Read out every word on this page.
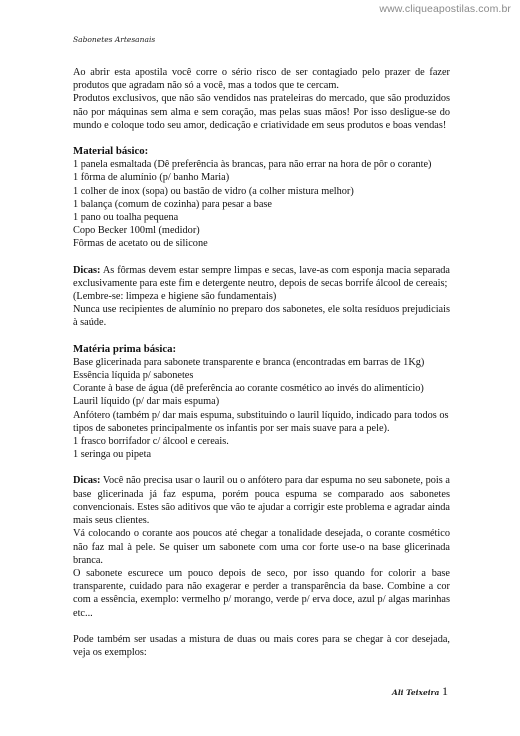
www.cliqueapostilas.com.br
Sabonetes Artesanais

Ao abrir esta apostila você corre o sério risco de ser contagiado pelo prazer de fazer produtos que agradam não só a você, mas a todos que te cercam.

Produtos exclusivos, que não são vendidos nas prateleiras do mercado, que são produzidos não por máquinas sem alma e sem coração, mas pelas suas mãos! Por isso desligue-se do mundo e coloque todo seu amor, dedicação e criatividade em seus produtos e boas vendas!

Material básico:

1 panela esmaltada (Dê preferência às brancas, para não errar na hora de pôr o corante)

1 fôrma de alumínio (p/ banho Maria)

1 colher de inox (sopa) ou bastão de vidro (a colher mistura melhor)

1 balança (comum de cozinha) para pesar a base

1 pano ou toalha pequena

Copo Becker 100ml (medidor)

Fôrmas de acetato ou de silicone

Dicas: As fôrmas devem estar sempre limpas e secas, lave-as com esponja macia separada exclusivamente para este fim e detergente neutro, depois de secas borrife álcool de cereais;

(Lembre-se: limpeza e higiene são fundamentais)

Nunca use recipientes de alumínio no preparo dos sabonetes, ele solta resíduos prejudiciais à saúde.

Matéria prima básica:

Base glicerinada para sabonete transparente e branca (encontradas em barras de 1Kg)

Essência líquida p/ sabonetes

Corante à base de água (dê preferência ao corante cosmético ao invés do alimentício)

Lauril líquido (p/ dar mais espuma)

Anfótero (também p/ dar mais espuma, substituindo o lauril líquido, indicado para todos os tipos de sabonetes principalmente os infantis por ser mais suave para a pele).

1 frasco borrifador c/ álcool e cereais.

1 seringa ou pipeta

Dicas: Você não precisa usar o lauril ou o anfótero para dar espuma no seu sabonete, pois a base glicerinada já faz espuma, porém pouca espuma se comparado aos sabonetes convencionais. Estes são aditivos que vão te ajudar a corrigir este problema e agradar ainda mais seus clientes.

Vá colocando o corante aos poucos até chegar a tonalidade desejada, o corante cosmético não faz mal à pele. Se quiser um sabonete com uma cor forte use-o na base glicerinada branca.

O sabonete escurece um pouco depois de seco, por isso quando for colorir a base transparente, cuidado para não exagerar e perder a transparência da base. Combine a cor com a essência, exemplo: vermelho p/ morango, verde p/ erva doce, azul p/ algas marinhas etc...

Pode também ser usadas a mistura de duas ou mais cores para se chegar à cor desejada, veja os exemplos:

Ali Teixeira 1
